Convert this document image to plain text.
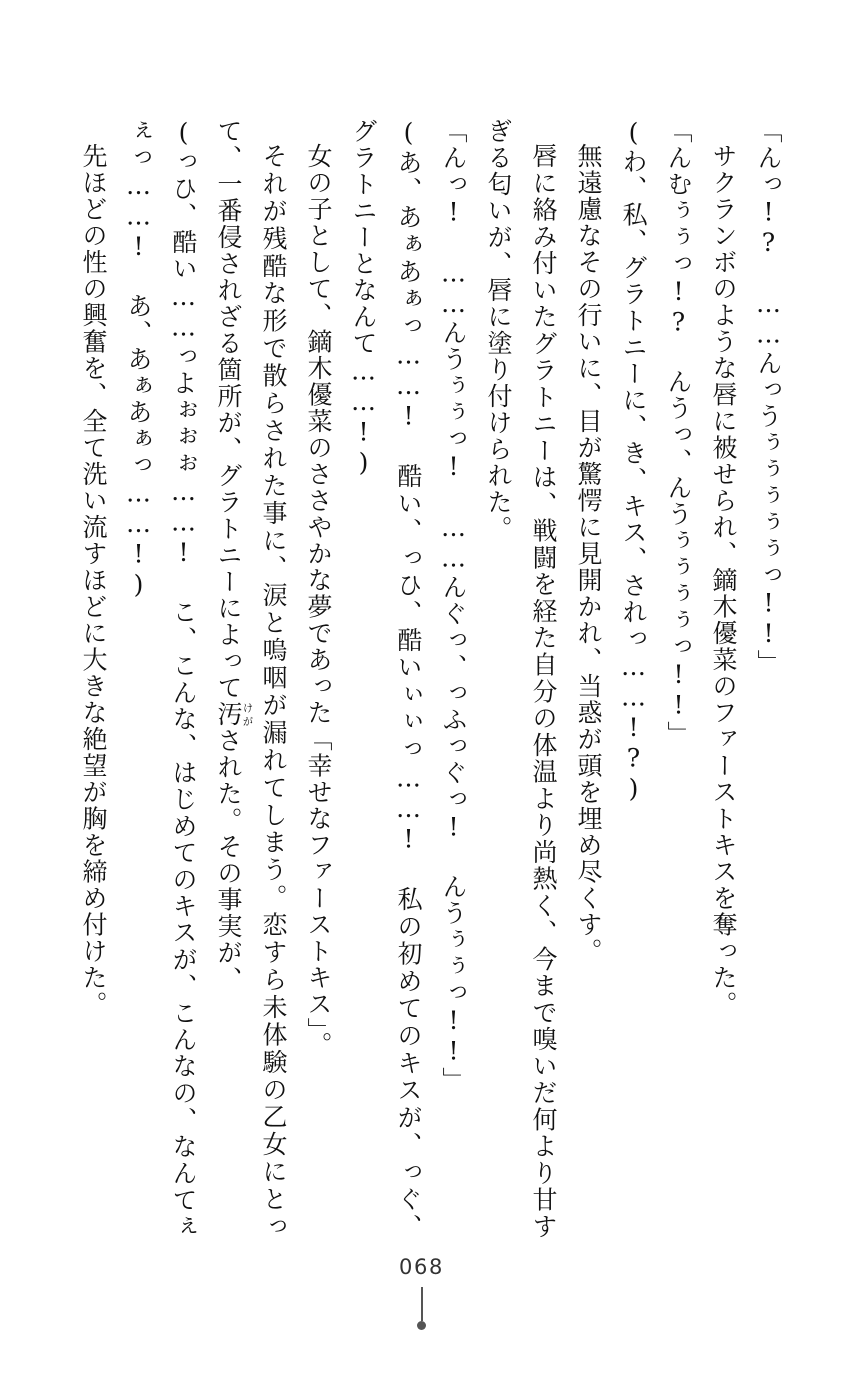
「んっ!? ……んっうぅぅぅぅぅっ!!」

サクランボのような唇に被せられ、鏑木優菜のファーストキスを奪った。

「んむぅぅっ!? んうっ、んうぅぅぅぅっ!!」

(わ、私、グラトニーに、き、キス、されっ……!?)

無遠慮なその行いに、目が驚愕に見開かれ、当惑が頭を埋め尽くす。

唇に絡み付いたグラトニーは、戦闘を経た自分の体温より尚熱く、今まで嗅いだ何より甘すぎる匂いが、唇に塗り付けられた。

「んっ! ……んうぅぅっ! ……んぐっ、っふっぐっ! んうぅぅっ!!」

(あ、あぁあぁっ……! 酷い、っひ、酷いぃぃっ……! 私の初めてのキスが、っぐ、グラトニーとなんて……!)

女の子として、鏑木優菜のささやかな夢であった「幸せなファーストキス」。

それが残酷な形で散らされた事に、涙と嗚咽が漏れてしまう。恋すら未体験の乙女にとって、一番侵されざる箇所が、グラトニーによって汚けがされた。その事実が、

(っひ、酷い……っよぉぉぉ……! こ、こんな、はじめてのキスが、こんなの、なんてぇぇっ……! あ、あぁあぁっ……!)

先ほどの性の興奮を、全て洗い流すほどに大きな絶望が胸を締め付けた。

068
